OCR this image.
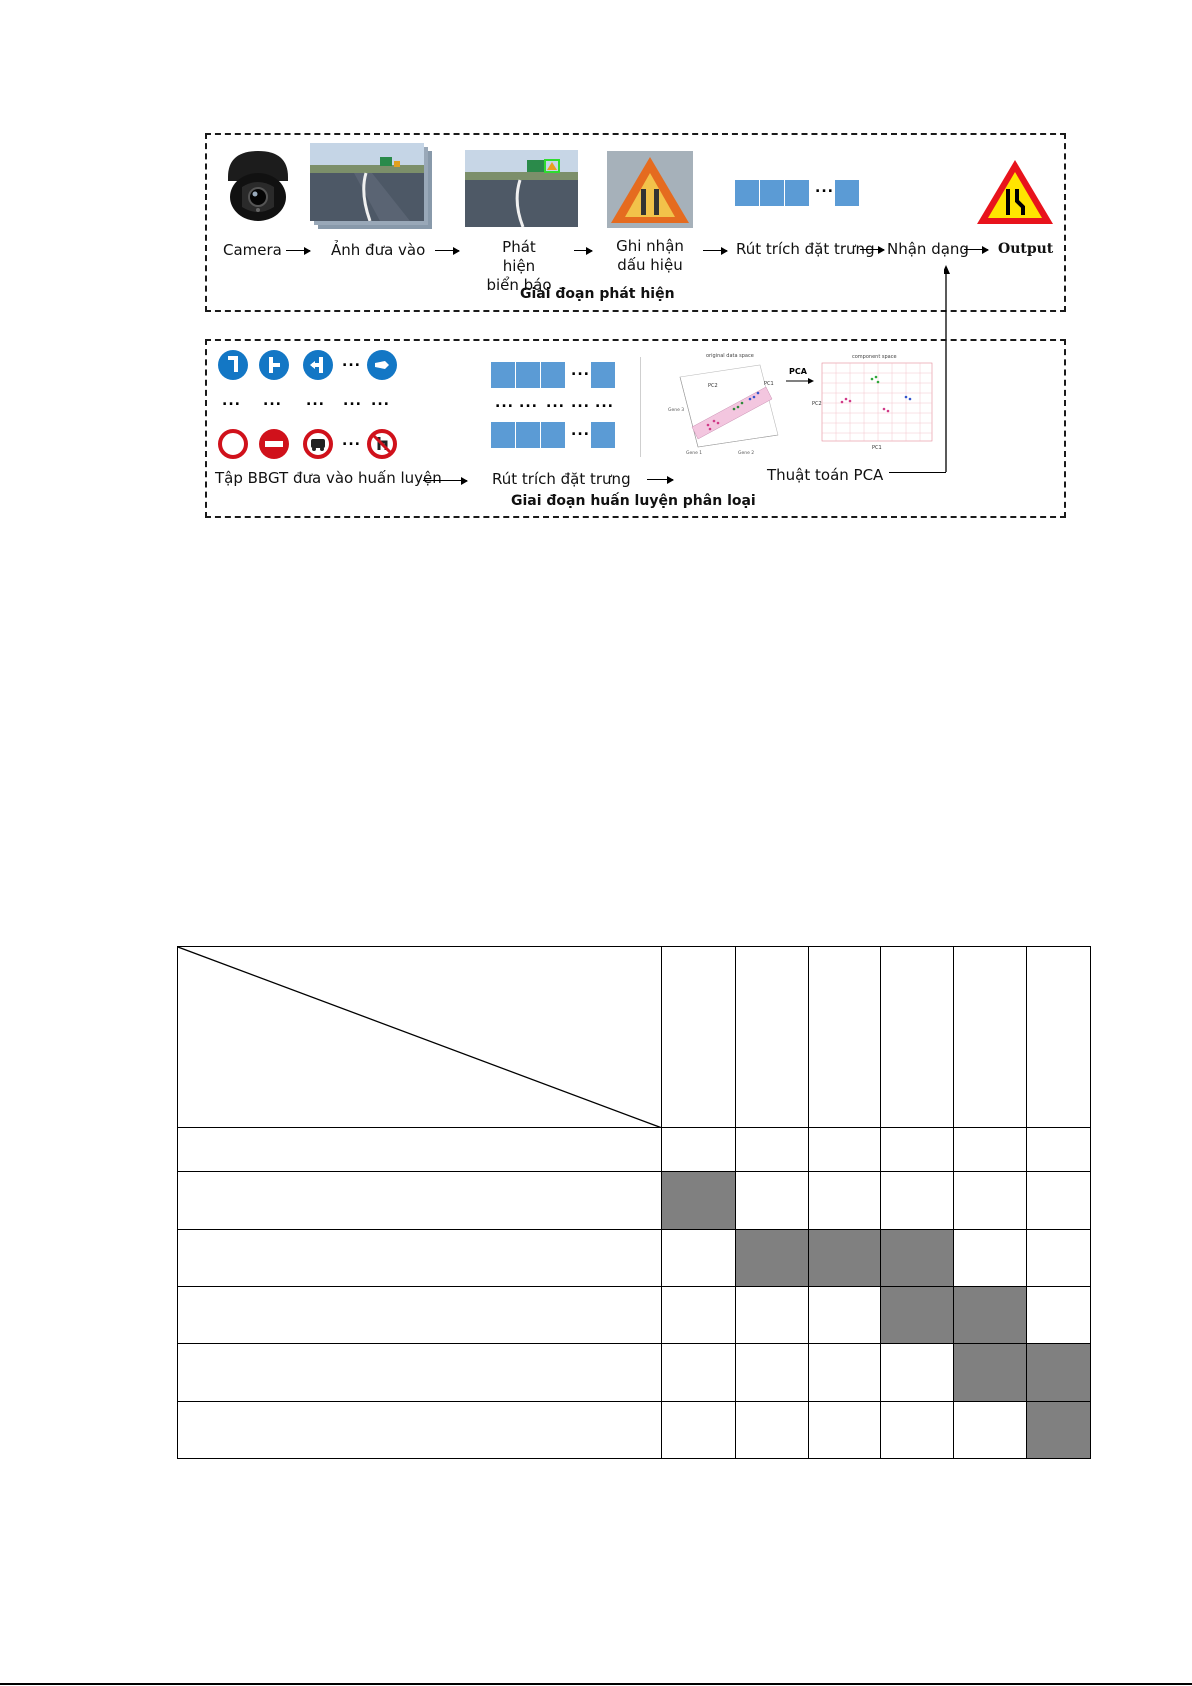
...
Camera	Ảnh đưa vào	Phát hiện
biển báo
Ghi nhận
dấu hiệu
Rút trích đặt trưng Nhận dạng Output
Giai đoạn phát hiện
...
... ... ... ... ...
...
...
... ... ... ... ...
...
original data space
PC2	PC1
Gene 1	Gene 2
Gene 3
PCA
component space
PC2
PC1
Tập BBGT đưa vào huấn luyện	Rút trích đặt trưng	Thuật toán PCA
Giai đoạn huấn luyện phân loại
